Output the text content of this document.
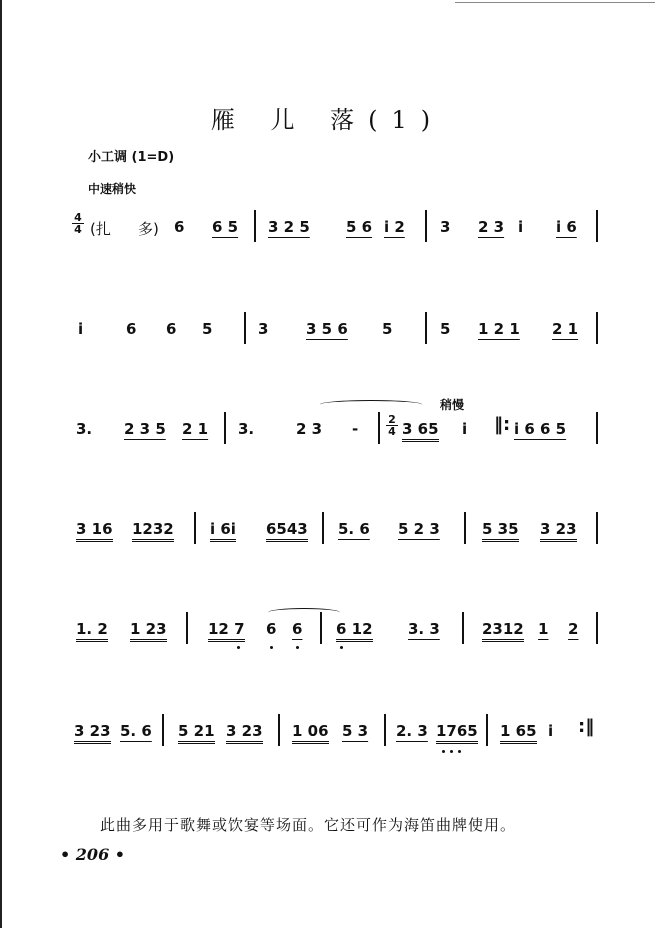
雁 儿 落(1)
小工调 (1=D)
中速稍快
4
4 (扎 多) 6 6 5 3 2 5 5 6 i 2 3 2 3 i i 6
i	6 6 5	3	3 5 6 5	5 1 2 1 2 1
稍慢
3. 2 3 5 2 1 3.	2 3 -
2
4 3 65 i ‖: i 6 6 5
3 16 1232 i 6i 6543 5. 6 5 2 3	5 35 3 23
1. 2 1 23	12 7 6 6 6 12 3. 3	2312 1 2
3 23 5. 6 5 21 3 23 1 06 5 3 2. 3 1765 1 65 i :‖
此曲多用于歌舞或饮宴等场面。它还可作为海笛曲牌使用。
• 206 •
